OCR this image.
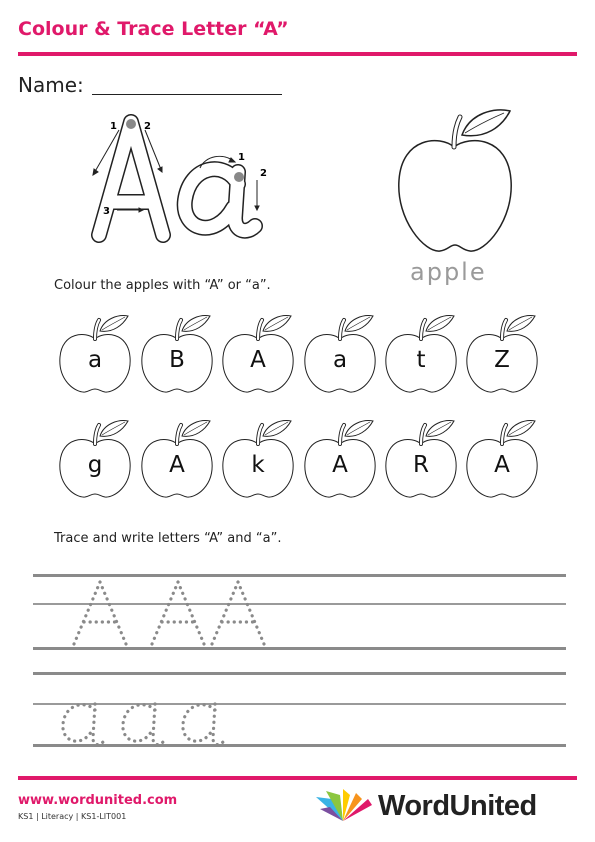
Colour & Trace Letter “A”
Name:
1	2
3
1
2
apple
Colour the apples with “A” or “a”.
a	B	A	a	t	Z
g	A	k	A	R	A
Trace and write letters “A” and “a”.
www.wordunited.com
KS1 | Literacy | KS1-LIT001	WordUnited
